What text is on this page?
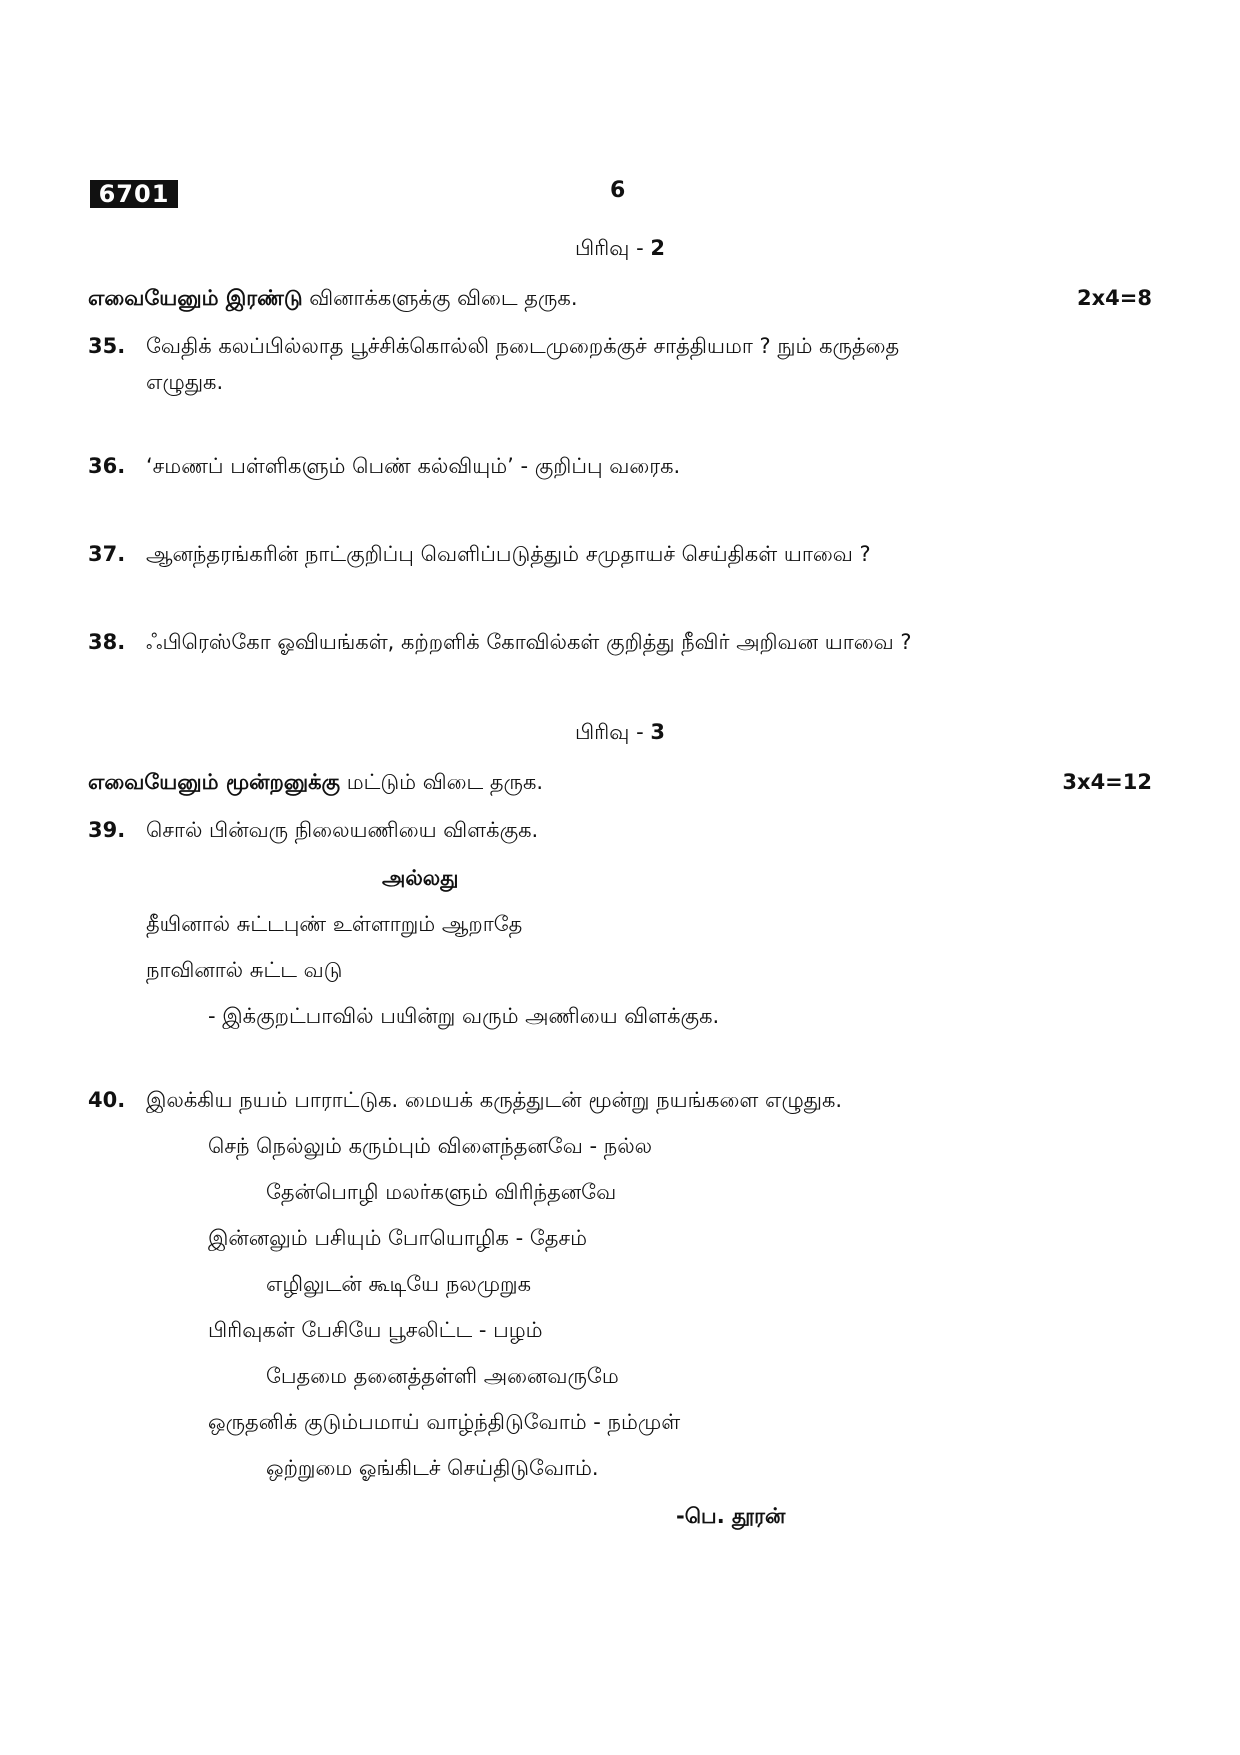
6701	6
பிரிவு - 2
எவையேனும் இரண்டு வினாக்களுக்கு விடை தருக.	2x4=8
35. வேதிக் கலப்பில்லாத பூச்சிக்கொல்லி நடைமுறைக்குச் சாத்தியமா ? நும் கருத்தை
எழுதுக.
36. ‘சமணப் பள்ளிகளும் பெண் கல்வியும்’ - குறிப்பு வரைக.
37. ஆனந்தரங்கரின் நாட்குறிப்பு வெளிப்படுத்தும் சமுதாயச் செய்திகள் யாவை ?
38. ஃபிரெஸ்கோ ஓவியங்கள், கற்றளிக் கோவில்கள் குறித்து நீவிர் அறிவன யாவை ?
பிரிவு - 3
எவையேனும் மூன்றனுக்கு மட்டும் விடை தருக.	3x4=12
39. சொல் பின்வரு நிலையணியை விளக்குக.
அல்லது
தீயினால் சுட்டபுண் உள்ளாறும் ஆறாதே
நாவினால் சுட்ட வடு
- இக்குறட்பாவில் பயின்று வரும் அணியை விளக்குக.
40. இலக்கிய நயம் பாராட்டுக. மையக் கருத்துடன் மூன்று நயங்களை எழுதுக.
செந் நெல்லும் கரும்பும் விளைந்தனவே - நல்ல
தேன்பொழி மலர்களும் விரிந்தனவே
இன்னலும் பசியும் போயொழிக - தேசம்
எழிலுடன் கூடியே நலமுறுக
பிரிவுகள் பேசியே பூசலிட்ட - பழம்
பேதமை தனைத்தள்ளி அனைவருமே
ஒருதனிக் குடும்பமாய் வாழ்ந்திடுவோம் - நம்முள்
ஒற்றுமை ஓங்கிடச் செய்திடுவோம்.
-பெ. தூரன்
